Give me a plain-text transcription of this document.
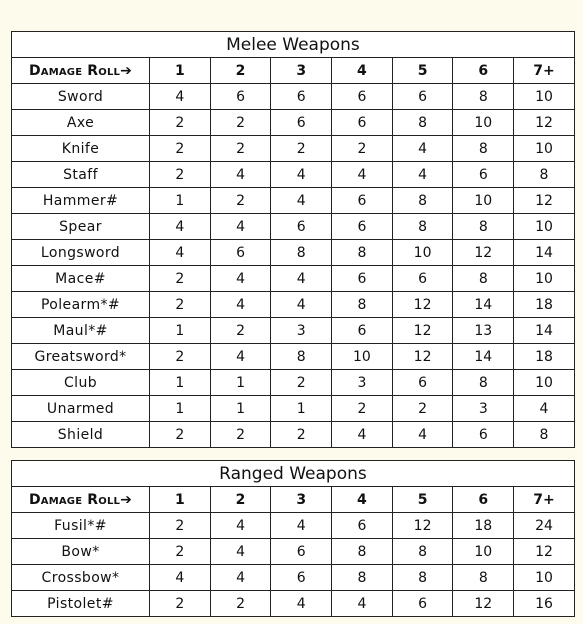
Melee Weapons							
Damage Roll➔	1	2	3	4	5	6	7+
Sword	4	6	6	6	6	8	10
Axe	2	2	6	6	8	10	12
Knife	2	2	2	2	4	8	10
Staff	2	4	4	4	4	6	8
Hammer#	1	2	4	6	8	10	12
Spear	4	4	6	6	8	8	10
Longsword	4	6	8	8	10	12	14
Mace#	2	4	4	6	6	8	10
Polearm*#	2	4	4	8	12	14	18
Maul*#	1	2	3	6	12	13	14
Greatsword*	2	4	8	10	12	14	18
Club	1	1	2	3	6	8	10
Unarmed	1	1	1	2	2	3	4
Shield	2	2	2	4	4	6	8
Ranged Weapons							
Damage Roll➔	1	2	3	4	5	6	7+
Fusil*#	2	4	4	6	12	18	24
Bow*	2	4	6	8	8	10	12
Crossbow*	4	4	6	8	8	8	10
Pistolet#	2	2	4	4	6	12	16
